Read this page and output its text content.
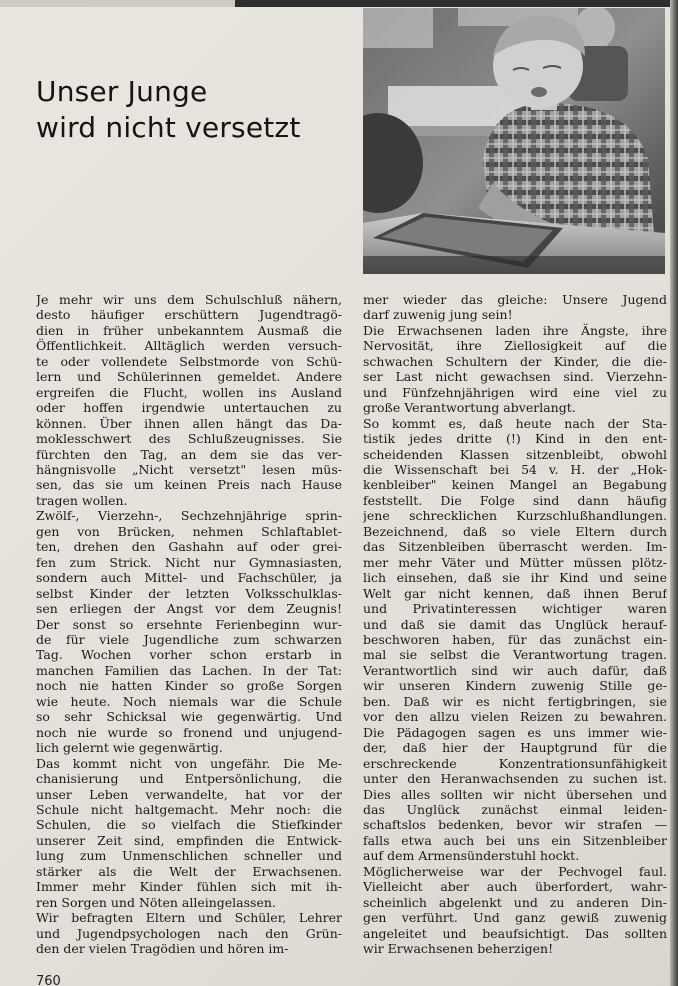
Unser Junge
wird nicht versetzt

Je mehr wir uns dem Schulschluß nähern,
desto häufiger erschüttern Jugendtragö-
dien in früher unbekanntem Ausmaß die
Öffentlichkeit. Alltäglich werden versuch-
te oder vollendete Selbstmorde von Schü-
lern und Schülerinnen gemeldet. Andere
ergreifen die Flucht, wollen ins Ausland
oder hoffen irgendwie untertauchen zu
können. Über ihnen allen hängt das Da-
moklesschwert des Schlußzeugnisses. Sie
fürchten den Tag, an dem sie das ver-
hängnisvolle „Nicht versetzt" lesen müs-
sen, das sie um keinen Preis nach Hause
tragen wollen.

Zwölf-, Vierzehn-, Sechzehnjährige sprin-
gen von Brücken, nehmen Schlaftablet-
ten, drehen den Gashahn auf oder grei-
fen zum Strick. Nicht nur Gymnasiasten,
sondern auch Mittel- und Fachschüler, ja
selbst Kinder der letzten Volksschulklas-
sen erliegen der Angst vor dem Zeugnis!
Der sonst so ersehnte Ferienbeginn wur-
de für viele Jugendliche zum schwarzen
Tag. Wochen vorher schon erstarb in
manchen Familien das Lachen. In der Tat:
noch nie hatten Kinder so große Sorgen
wie heute. Noch niemals war die Schule
so sehr Schicksal wie gegenwärtig. Und
noch nie wurde so fronend und unjugend-
lich gelernt wie gegenwärtig.

Das kommt nicht von ungefähr. Die Me-
chanisierung und Entpersönlichung, die
unser Leben verwandelte, hat vor der
Schule nicht haltgemacht. Mehr noch: die
Schulen, die so vielfach die Stiefkinder
unserer Zeit sind, empfinden die Entwick-
lung zum Unmenschlichen schneller und
stärker als die Welt der Erwachsenen.
Immer mehr Kinder fühlen sich mit ih-
ren Sorgen und Nöten alleingelassen.

Wir befragten Eltern und Schüler, Lehrer
und Jugendpsychologen nach den Grün-
den der vielen Tragödien und hören im-

mer wieder das gleiche: Unsere Jugend
darf zuwenig jung sein!

Die Erwachsenen laden ihre Ängste, ihre
Nervosität, ihre Ziellosigkeit auf die
schwachen Schultern der Kinder, die die-
ser Last nicht gewachsen sind. Vierzehn-
und Fünfzehnjährigen wird eine viel zu
große Verantwortung abverlangt.

So kommt es, daß heute nach der Sta-
tistik jedes dritte (!) Kind in den ent-
scheidenden Klassen sitzenbleibt, obwohl
die Wissenschaft bei 54 v. H. der „Hok-
kenbleiber" keinen Mangel an Begabung
feststellt. Die Folge sind dann häufig
jene schrecklichen Kurzschlußhandlungen.
Bezeichnend, daß so viele Eltern durch
das Sitzenbleiben überrascht werden. Im-
mer mehr Väter und Mütter müssen plötz-
lich einsehen, daß sie ihr Kind und seine
Welt gar nicht kennen, daß ihnen Beruf
und Privatinteressen wichtiger waren
und daß sie damit das Unglück herauf-
beschworen haben, für das zunächst ein-
mal sie selbst die Verantwortung tragen.
Verantwortlich sind wir auch dafür, daß
wir unseren Kindern zuwenig Stille ge-
ben. Daß wir es nicht fertigbringen, sie
vor den allzu vielen Reizen zu bewahren.
Die Pädagogen sagen es uns immer wie-
der, daß hier der Hauptgrund für die
erschreckende Konzentrationsunfähigkeit
unter den Heranwachsenden zu suchen ist.
Dies alles sollten wir nicht übersehen und
das Unglück zunächst einmal leiden-
schaftslos bedenken, bevor wir strafen —
falls etwa auch bei uns ein Sitzenbleiber
auf dem Armensünderstuhl hockt.

Möglicherweise war der Pechvogel faul.
Vielleicht aber auch überfordert, wahr-
scheinlich abgelenkt und zu anderen Din-
gen verführt. Und ganz gewiß zuwenig
angeleitet und beaufsichtigt. Das sollten
wir Erwachsenen beherzigen!

760
